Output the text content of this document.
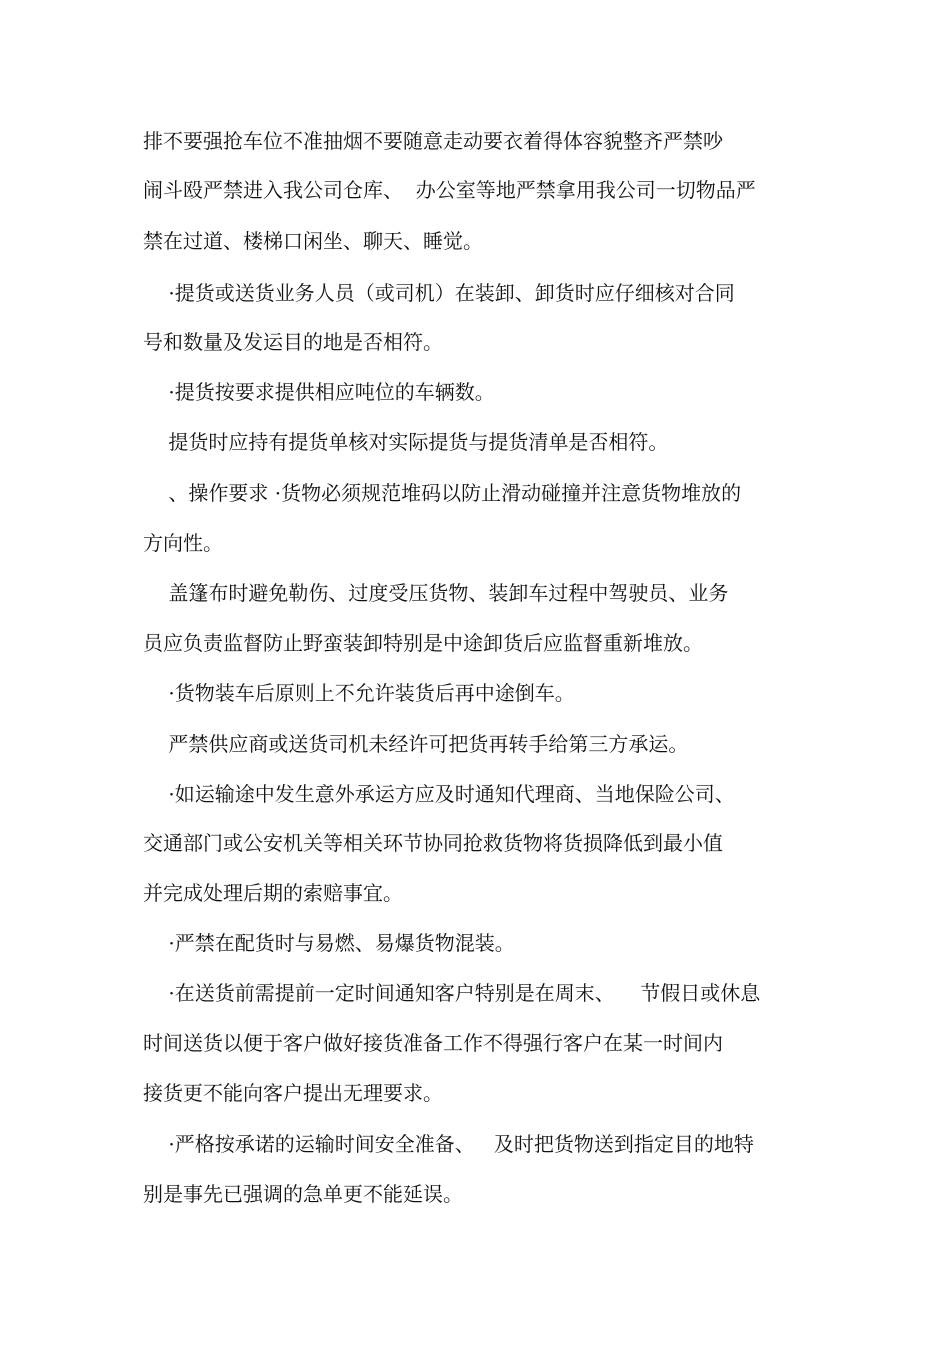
排不要强抢车位不准抽烟不要随意走动要衣着得体容貌整齐严禁吵
闹斗殴严禁进入我公司仓库、  办公室等地严禁拿用我公司一切物品严
禁在过道、楼梯口闲坐、聊天、睡觉。
·提货或送货业务人员（或司机）在装卸、卸货时应仔细核对合同
号和数量及发运目的地是否相符。
·提货按要求提供相应吨位的车辆数。
提货时应持有提货单核对实际提货与提货清单是否相符。
、操作要求 ·货物必须规范堆码以防止滑动碰撞并注意货物堆放的
方向性。
盖篷布时避免勒伤、过度受压货物、装卸车过程中驾驶员、业务
员应负责监督防止野蛮装卸特别是中途卸货后应监督重新堆放。
·货物装车后原则上不允许装货后再中途倒车。
严禁供应商或送货司机未经许可把货再转手给第三方承运。
·如运输途中发生意外承运方应及时通知代理商、当地保险公司、
交通部门或公安机关等相关环节协同抢救货物将货损降低到最小值
并完成处理后期的索赔事宜。
·严禁在配货时与易燃、易爆货物混装。
·在送货前需提前一定时间通知客户特别是在周末、    节假日或休息
时间送货以便于客户做好接货准备工作不得强行客户在某一时间内
接货更不能向客户提出无理要求。
·严格按承诺的运输时间安全准备、   及时把货物送到指定目的地特
别是事先已强调的急单更不能延误。
